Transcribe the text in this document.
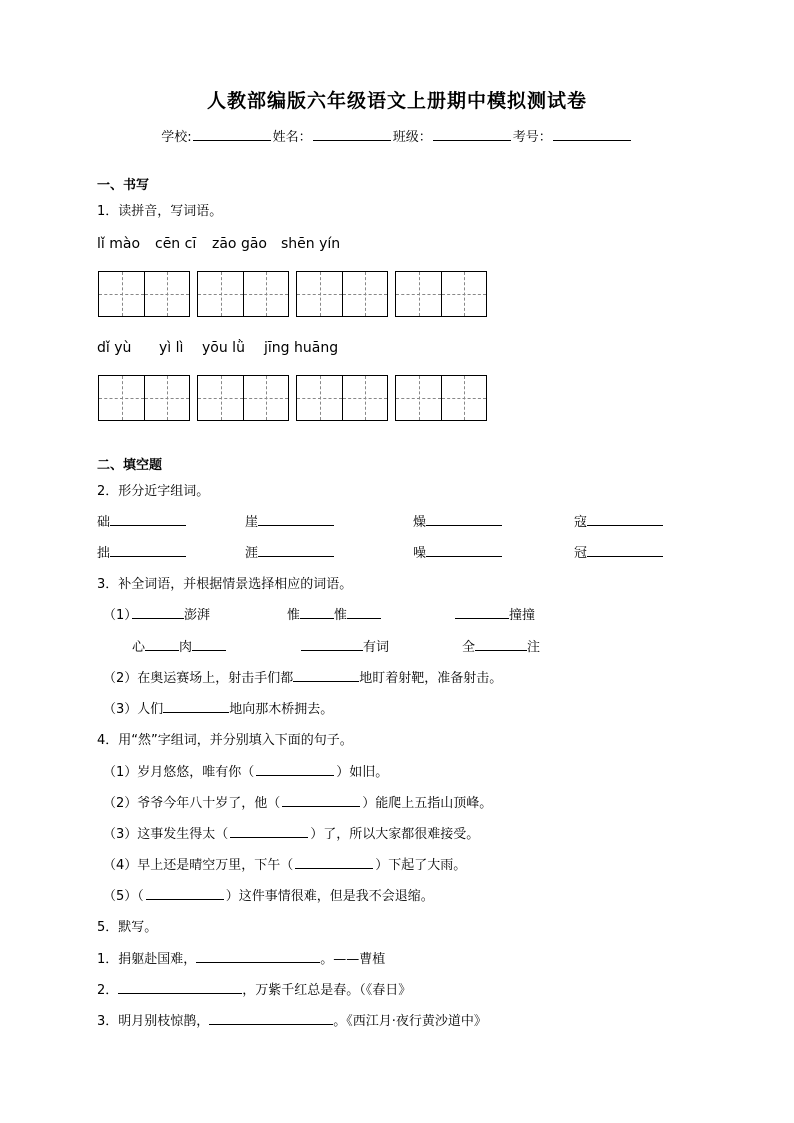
人教部编版六年级语文上册期中模拟测试卷
学校:	姓名：	班级：	考号：
一、书写
1．读拼音，写词语。
lǐ mào cēn cī zāo gāo shēn yín
dǐ yù yì lì yōu lǜ jīng huāng
二、填空题
2．形分近字组词。
础	崖	燥	寇
拙	涯	噪	冠
3．补全词语，并根据情景选择相应的词语。
（1）	澎湃	惟	惟	撞撞
心	肉	有词	全	注
（2）在奥运赛场上，射击手们都	地盯着射靶，准备射击。
（3）人们	地向那木桥拥去。
4．用“然”字组词，并分别填入下面的句子。
（1）岁月悠悠，唯有你（	）如旧。
（2）爷爷今年八十岁了，他（	）能爬上五指山顶峰。
（3）这事发生得太（	）了，所以大家都很难接受。
（4）早上还是晴空万里，下午（	）下起了大雨。
（5）（	）这件事情很难，但是我不会退缩。
5．默写。
1．捐躯赴国难，	。——曹植
2．	，万紫千红总是春。（《春日》
3．明月别枝惊鹊，	。《西江月·夜行黄沙道中》
